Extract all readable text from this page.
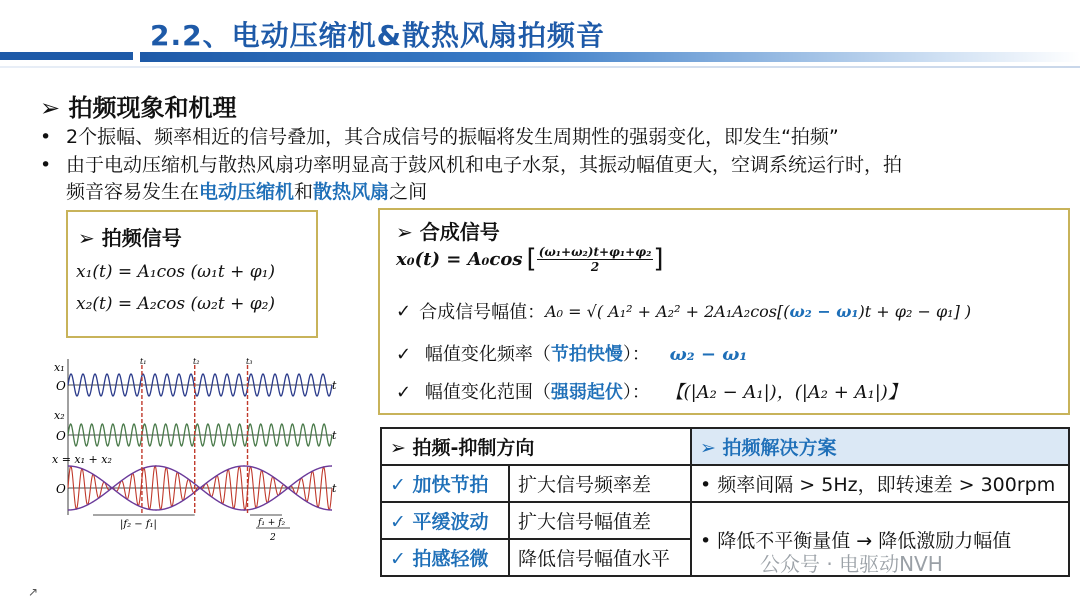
2.2、电动压缩机&散热风扇拍频音
➢ 拍频现象和机理
• 2个振幅、频率相近的信号叠加，其合成信号的振幅将发生周期性的强弱变化，即发生“拍频”
• 由于电动压缩机与散热风扇功率明显高于鼓风机和电子水泵，其振动幅值更大，空调系统运行时，拍
频音容易发生在电动压缩机和散热风扇之间
➢ 拍频信号
x₁(t) = A₁cos (ω₁t + φ₁)
x₂(t) = A₂cos (ω₂t + φ₂)
➢ 合成信号
x₀(t) = A₀cos [ $\frac{\text{(ω₁+ω₂)t+φ₁+φ₂}}{2}$ ]
✓ 合成信号幅值： A₀ = √( A₁² + A₂² + 2A₁A₂cos[( ω₂ − ω₁ )t + φ₂ − φ₁] )
✓ 幅值变化频率（节拍快慢）： ω₂ − ω₁
✓ 幅值变化范围（强弱起伏）： 【(|A₂ − A₁|)，(|A₂ + A₁|)】
x₁
O
x₂
O
x = x₁ + x₂
O
t
t
t
t₁	t₂	t₃
|f₂ − f₁|	f₁ + f₂
2
➢ 拍频-抑制方向		➢ 拍频解决方案
✓ 加快节拍	扩大信号频率差	• 频率间隔 > 5Hz，即转速差 > 300rpm
✓ 平缓波动	扩大信号幅值差	• 降低不平衡量值 → 降低激励力幅值
✓ 拍感轻微	降低信号幅值水平		公众号 · 电驱动NVH
↗
